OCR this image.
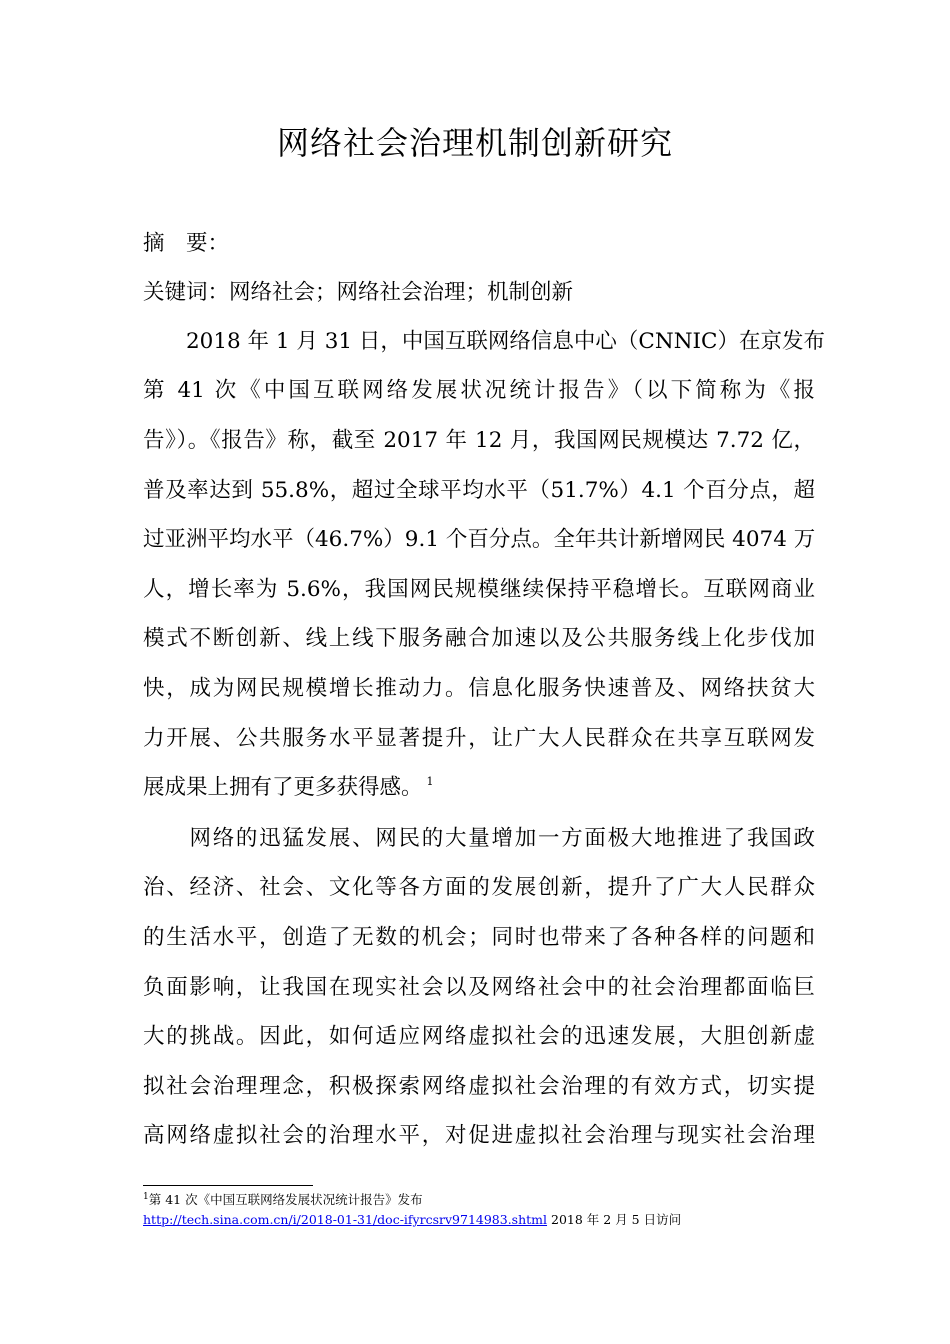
网络社会治理机制创新研究
摘　要：
关键词：网络社会；网络社会治理；机制创新
　　2018 年 1 月 31 日，中国互联网络信息中心（CNNIC）在京发布
第 41 次《中国互联网络发展状况统计报告》（以下简称为《报
告》）。《报告》称，截至 2017 年 12 月，我国网民规模达 7.72 亿，
普及率达到 55.8%，超过全球平均水平（51.7%）4.1 个百分点，超
过亚洲平均水平（46.7%）9.1 个百分点。全年共计新增网民 4074 万
人，增长率为 5.6%，我国网民规模继续保持平稳增长。互联网商业
模式不断创新、线上线下服务融合加速以及公共服务线上化步伐加
快，成为网民规模增长推动力。信息化服务快速普及、网络扶贫大
力开展、公共服务水平显著提升，让广大人民群众在共享互联网发
展成果上拥有了更多获得感。 $^1$
　　网络的迅猛发展、网民的大量增加一方面极大地推进了我国政
治、经济、社会、文化等各方面的发展创新，提升了广大人民群众
的生活水平，创造了无数的机会；同时也带来了各种各样的问题和
负面影响，让我国在现实社会以及网络社会中的社会治理都面临巨
大的挑战。因此，如何适应网络虚拟社会的迅速发展，大胆创新虚
拟社会治理理念，积极探索网络虚拟社会治理的有效方式，切实提
高网络虚拟社会的治理水平，对促进虚拟社会治理与现实社会治理
$^1$第 41 次《中国互联网络发展状况统计报告》发布
http://tech.sina.com.cn/i/2018-01-31/doc-ifyrcsrv9714983.shtml 2018 年 2 月 5 日访问
